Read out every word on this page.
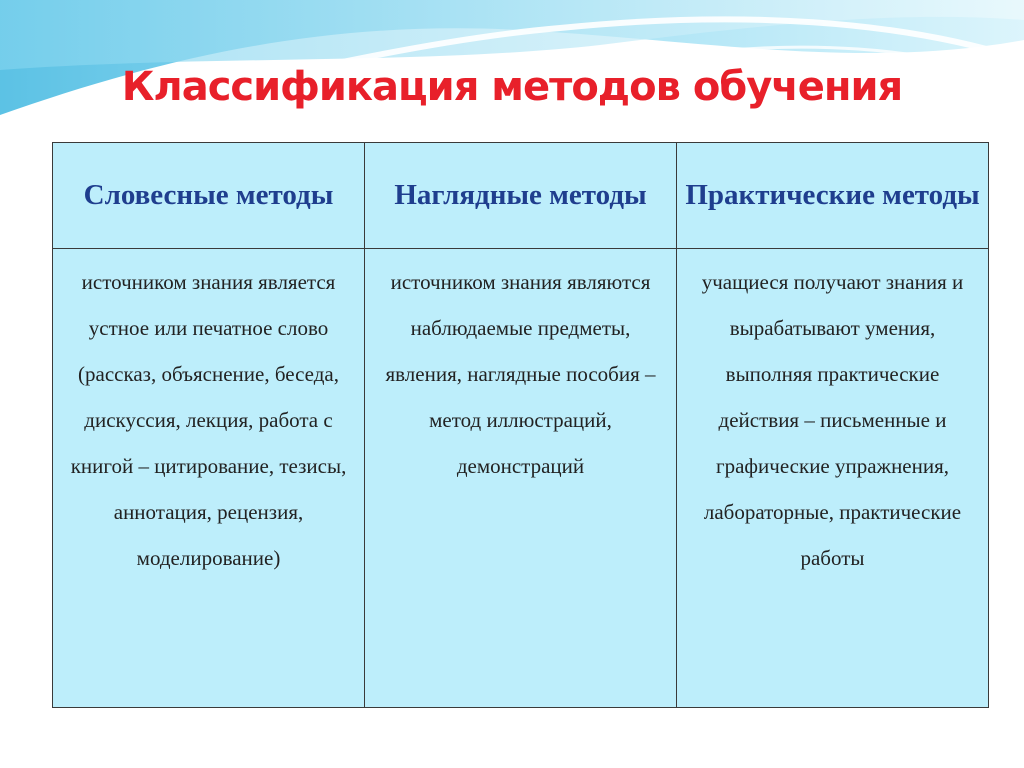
Классификация методов обучения
Словесные методы	Наглядные методы	Практические методы

источником знания является устное или печатное слово (рассказ, объяснение, беседа, дискуссия, лекция, работа с книгой – цитирование, тезисы, аннотация, рецензия, моделирование)	источником знания являются наблюдаемые предметы, явления, наглядные пособия – метод иллюстраций, демонстраций	учащиеся получают знания и вырабатывают умения, выполняя практические действия – письменные и графические упражнения, лабораторные, практические работы
